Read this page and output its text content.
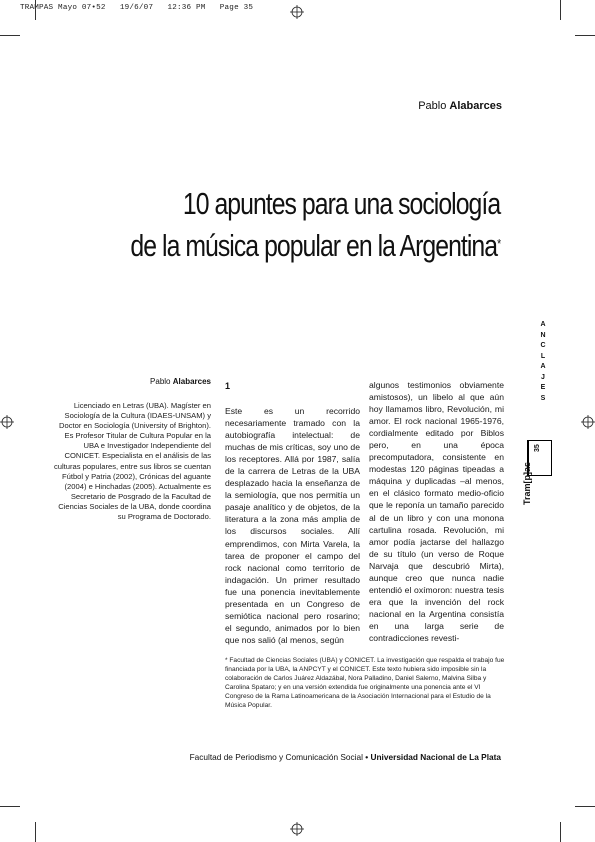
TRAMPAS Mayo 07•52   19/6/07   12:36 PM   Page 35
Pablo Alabarces
10 apuntes para una sociología
de la música popular en la Argentina*
Pablo Alabarces
Licenciado en Letras (UBA). Magíster en Sociología de la Cultura (IDAES-UNSAM) y Doctor en Sociología (University of Brighton). Es Profesor Titular de Cultura Popular en la UBA e Investigador Independiente del CONICET. Especialista en el análisis de las culturas populares, entre sus libros se cuentan Fútbol y Patria (2002), Crónicas del aguante (2004) e Hinchadas (2005). Actualmente es Secretario de Posgrado de la Facultad de Ciencias Sociales de la UBA, donde coordina su Programa de Doctorado.
1
Este es un recorrido necesariamente tramado con la autobiografía intelectual: de muchas de mis críticas, soy uno de los receptores. Allá por 1987, salía de la carrera de Letras de la UBA desplazado hacia la enseñanza de la semiología, que nos permitía un pasaje analítico y de objetos, de la literatura a la zona más amplia de los discursos sociales. Allí emprendimos, con Mirta Varela, la tarea de proponer el campo del rock nacional como territorio de indagación. Un primer resultado fue una ponencia inevitablemente presentada en un Congreso de semiótica nacional pero rosarino; el segundo, animados por lo bien que nos salió (al menos, según
algunos testimonios obviamente amistosos), un libelo al que aún hoy llamamos libro, Revolución, mi amor. El rock nacional 1965-1976, cordialmente editado por Biblos pero, en una época precomputadora, consistente en modestas 120 páginas tipeadas a máquina y duplicadas –al menos, en el clásico formato medio-oficio que le reponía un tamaño parecido al de un libro y con una monona cartulina rosada. Revolución, mi amor podía jactarse del hallazgo de su título (un verso de Roque Narvaja que descubrió Mirta), aunque creo que nunca nadie entendió el oxímoron: nuestra tesis era que la invención del rock nacional en la Argentina consistía en una larga serie de contradicciones revesti-
* Facultad de Ciencias Sociales (UBA) y CONICET. La investigación que respalda el trabajo fue financiada por la UBA, la ANPCYT y el CONICET. Este texto hubiera sido imposible sin la colaboración de Carlos Juárez Aldazábal, Nora Palladino, Daniel Salerno, Malvina Silba y Carolina Spataro; y en una versión extendida fue originalmente una ponencia ante el VI Congreso de la Rama Latinoamericana de la Asociación Internacional para el Estudio de la Música Popular.
Facultad de Periodismo y Comunicación Social • Universidad Nacional de La Plata
A
N
C
L
A
J
E
S
35
Tram[p]as
